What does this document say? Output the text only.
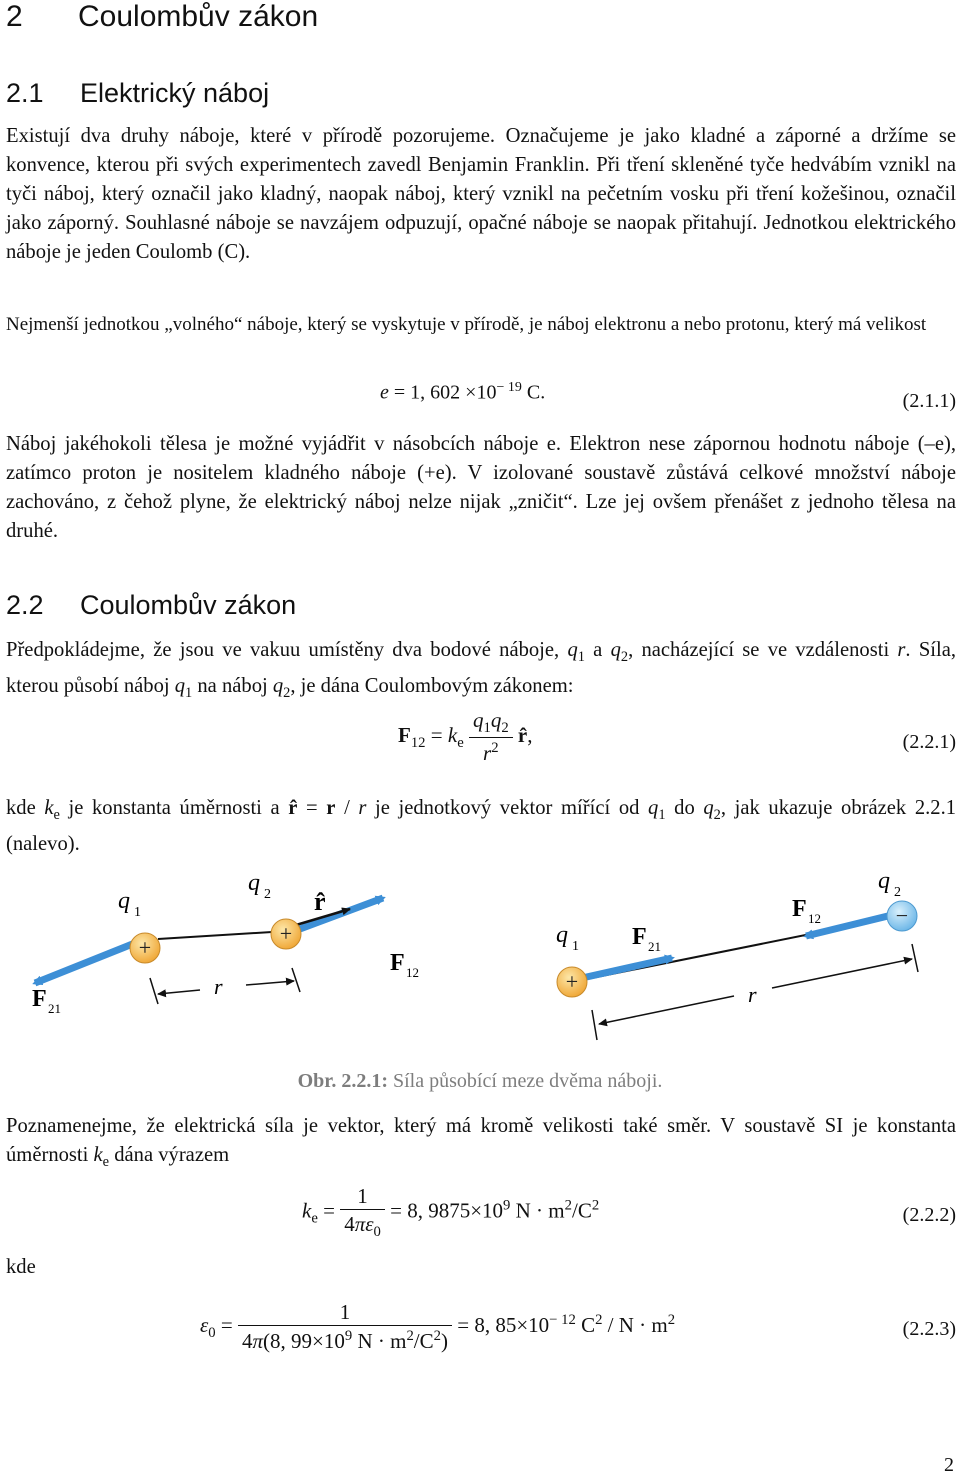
2 Coulombův zákon
2.1 Elektrický náboj

Existují dva druhy náboje, které v přírodě pozorujeme. Označujeme je jako kladné a záporné a držíme se konvence, kterou při svých experimentech zavedl Benjamin Franklin. Při tření skleněné tyče hedvábím vznikl na tyči náboj, který označil jako kladný, naopak náboj, který vznikl na pečetním vosku při tření kožešinou, označil jako záporný. Souhlasné náboje se navzájem odpuzují, opačné náboje se naopak přitahují. Jednotkou elektrického náboje je jeden Coulomb (C).

Nejmenší jednotkou „volného“ náboje, který se vyskytuje v přírodě, je náboj elektronu a nebo protonu, který má velikost

e = 1, $602 \times 10^{- 19}$ C.	(2.1.1)

Náboj jakéhokoli tělesa je možné vyjádřit v násobcích náboje e. Elektron nese zápornou hodnotu náboje (–e), zatímco proton je nositelem kladného náboje (+e). V izolované soustavě zůstává celkové množství náboje zachováno, z čehož plyne, že elektrický náboj nelze nijak „zničit“. Lze jej ovšem přenášet z jednoho tělesa na druhé.

2.2 Coulombův zákon

Předpokládejme, že jsou ve vakuu umístěny dva bodové náboje, $q_1$ a $q_2$, nacházející se ve vzdálenosti r. Síla, kterou působí náboj $q_1$ na náboj $q_2$, je dána Coulombovým zákonem:

$F_{12} = k_e \frac{q_1q_2}{r^2}$ r̂,	(2.2.1)

kde $k_e$ je konstanta úměrnosti a r̂ = r / r je jednotkový vektor mířící od $q_1$ do $q_2$, jak ukazuje obrázek 2.2.1 (nalevo).

+
+
q 1
q 2 r̂
F 12
F 21
r	+
−
q 1
q 2
F 21
F 12
r
Obr. 2.2.1: Síla působící meze dvěma náboji.

Poznamenejme, že elektrická síla je vektor, který má kromě velikosti také směr. V soustavě SI je konstanta úměrnosti $k_e$ dána výrazem

$k_e = \frac{1}{4\pi\varepsilon_0} = 8$, $9875\times 10^9$ $N \cdot m^2/C^2$	(2.2.2)
kde
$\varepsilon_0 = \frac{1}{4\pi(8, 99\times 10^9 N \cdot m^2/C^2)} = 8$, $85\times 10^{- 12}$ $C^2 / N \cdot m^2$	(2.2.3)
2
